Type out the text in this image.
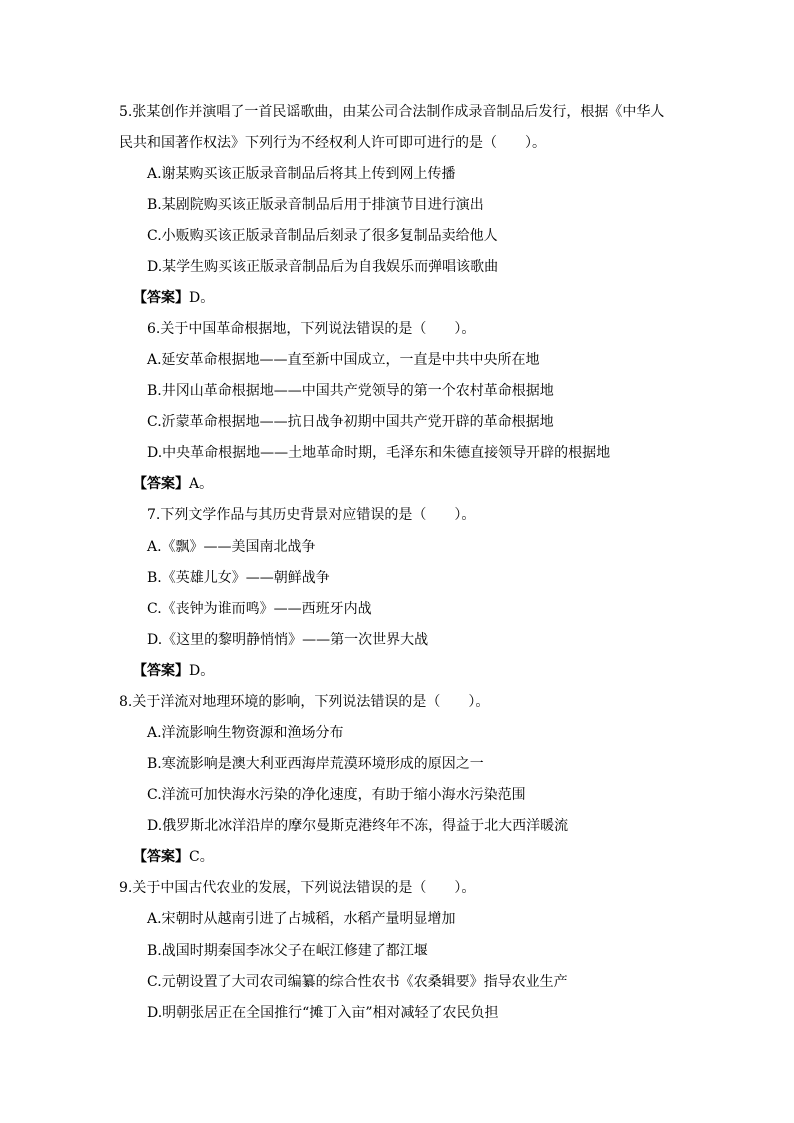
5.张某创作并演唱了一首民谣歌曲，由某公司合法制作成录音制品后发行，根据《中华人
民共和国著作权法》下列行为不经权利人许可即可进行的是（　　）。
A.谢某购买该正版录音制品后将其上传到网上传播
B.某剧院购买该正版录音制品后用于排演节目进行演出
C.小贩购买该正版录音制品后刻录了很多复制品卖给他人
D.某学生购买该正版录音制品后为自我娱乐而弹唱该歌曲
【答案】D。
6.关于中国革命根据地，下列说法错误的是（　　）。
A.延安革命根据地——直至新中国成立，一直是中共中央所在地
B.井冈山革命根据地——中国共产党领导的第一个农村革命根据地
C.沂蒙革命根据地——抗日战争初期中国共产党开辟的革命根据地
D.中央革命根据地——土地革命时期，毛泽东和朱德直接领导开辟的根据地
【答案】A。
7.下列文学作品与其历史背景对应错误的是（　　）。
A.《飘》——美国南北战争
B.《英雄儿女》——朝鲜战争
C.《丧钟为谁而鸣》——西班牙内战
D.《这里的黎明静悄悄》——第一次世界大战
【答案】D。
8.关于洋流对地理环境的影响，下列说法错误的是（　　）。
A.洋流影响生物资源和渔场分布
B.寒流影响是澳大利亚西海岸荒漠环境形成的原因之一
C.洋流可加快海水污染的净化速度，有助于缩小海水污染范围
D.俄罗斯北冰洋沿岸的摩尔曼斯克港终年不冻，得益于北大西洋暖流
【答案】C。
9.关于中国古代农业的发展，下列说法错误的是（　　）。
A.宋朝时从越南引进了占城稻，水稻产量明显增加
B.战国时期秦国李冰父子在岷江修建了都江堰
C.元朝设置了大司农司编纂的综合性农书《农桑辑要》指导农业生产
D.明朝张居正在全国推行“摊丁入亩”相对减轻了农民负担
